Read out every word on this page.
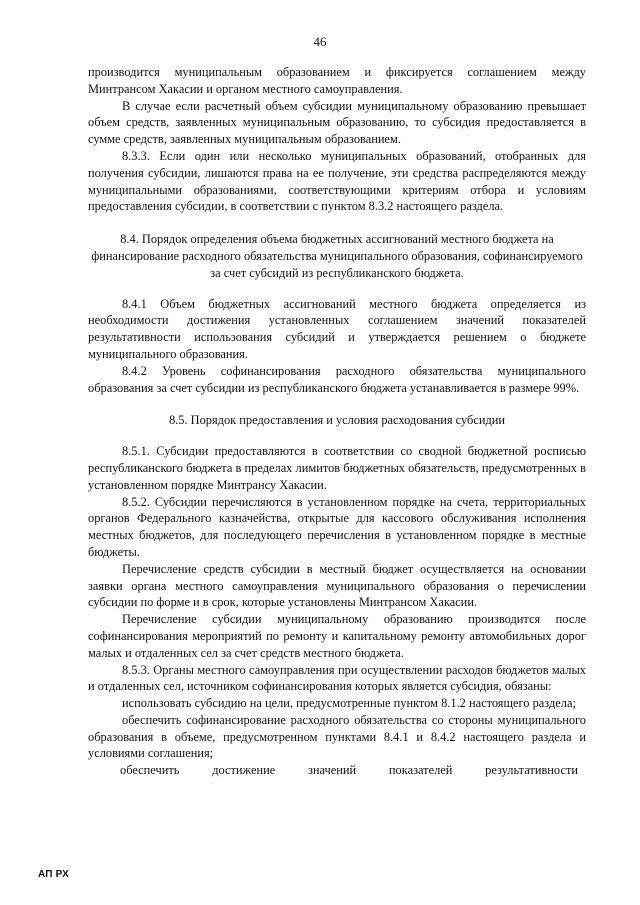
46

производится муниципальным образованием и фиксируется соглашением между Минтрансом Хакасии и органом местного самоуправления.

В случае если расчетный объем субсидии муниципальному образованию превышает объем средств, заявленных муниципальным образованию, то субсидия предоставляется в сумме средств, заявленных муниципальным образованием.

8.3.3. Если один или несколько муниципальных образований, отобранных для получения субсидии, лишаются права на ее получение, эти средства распределяются между муниципальными образованиями, соответствующими критериям отбора и условиям предоставления субсидии, в соответствии с пунктом 8.3.2 настоящего раздела.

8.4. Порядок определения объема бюджетных ассигнований местного бюджета на финансирование расходного обязательства муниципального образования, софинансируемого за счет субсидий из республиканского бюджета.

8.4.1 Объем бюджетных ассигнований местного бюджета определяется из необходимости достижения установленных соглашением значений показателей результативности использования субсидий и утверждается решением о бюджете муниципального образования.

8.4.2 Уровень софинансирования расходного обязательства муниципального образования за счет субсидии из республиканского бюджета устанавливается в размере 99%.

8.5. Порядок предоставления и условия расходования субсидии

8.5.1. Субсидии предоставляются в соответствии со сводной бюджетной росписью республиканского бюджета в пределах лимитов бюджетных обязательств, предусмотренных в установленном порядке Минтрансу Хакасии.

8.5.2. Субсидии перечисляются в установленном порядке на счета, территориальных органов Федерального казначейства, открытые для кассового обслуживания исполнения местных бюджетов, для последующего перечисления в установленном порядке в местные бюджеты.

Перечисление средств субсидии в местный бюджет осуществляется на основании заявки органа местного самоуправления муниципального образования о перечислении субсидии по форме и в срок, которые установлены Минтрансом Хакасии.

Перечисление субсидии муниципальному образованию производится после софинансирования мероприятий по ремонту и капитальному ремонту автомобильных дорог малых и отдаленных сел за счет средств местного бюджета.

8.5.3. Органы местного самоуправления при осуществлении расходов бюджетов малых и отдаленных сел, источником софинансирования которых является субсидия, обязаны:

использовать субсидию на цели, предусмотренные пунктом 8.1.2 настоящего раздела;

обеспечить софинансирование расходного обязательства со стороны муниципального образования в объеме, предусмотренном пунктами 8.4.1 и 8.4.2 настоящего раздела и условиями соглашения;

обеспечить	достижение	значений	показателей	результативности
АП РХ
